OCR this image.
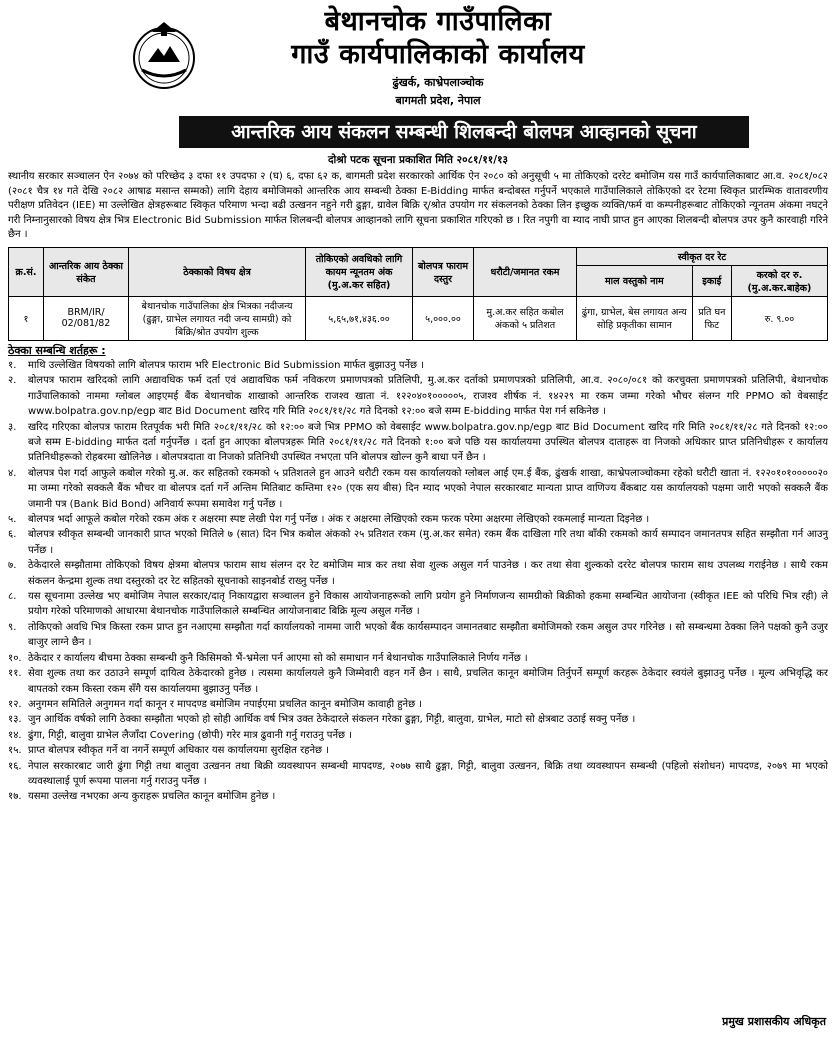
बेथानचोक गाउँपालिका
गाउँ कार्यपालिकाको कार्यालय
ढुंखर्क, काभ्रेपलाञ्चोक
बागमती प्रदेश, नेपाल
आन्तरिक आय संकलन सम्बन्धी शिलबन्दी बोलपत्र आव्हानको सूचना
दोश्रो पटक सूचना प्रकाशित मिति २०८१/११/१३
स्थानीय सरकार सञ्चालन ऐन २०७४ को परिच्छेद ३ दफा ११ उपदफा २ (घ) ६, दफा ६२ क, बागमती प्रदेश सरकारको आर्थिक ऐन २०८० को अनुसूची ५ मा तोकिएको दररेट बमोजिम यस गाउँ कार्यपालिकाबाट आ.व. २०८१/०८२ (२०८१ चैत्र १४ गते देखि २०८२ आषाढ मसान्त सम्मको) लागि देहाय बमोजिमको आन्तरिक आय सम्बन्धी ठेक्का E-Bidding मार्फत बन्दोबस्त गर्नुपर्ने भएकाले गाउँपालिकाले तोकिएको दर रेटमा स्विकृत प्रारम्भिक वातावरणीय परीक्षण प्रतिवेदन (IEE) मा उल्लेखित क्षेत्रहरूबाट स्विकृत परिमाण भन्दा बढी उत्खनन नहुने गरी ढुङ्गा, ग्रावेल बिक्रि र्/श्रोत उपयोग गर संकलनको ठेक्का लिन इच्छुक व्यक्ति/फर्म वा कम्पनीहरूबाट तोकिएको न्यूनतम अंकमा नघट्ने गरी निम्नानुसारको विषय क्षेत्र भित्र Electronic Bid Submission मार्फत शिलबन्दी बोलपत्र आव्हानको लागि सूचना प्रकाशित गरिएको छ । रित नपुगी वा म्याद नाघी प्राप्त हुन आएका शिलबन्दी बोलपत्र उपर कुनै कारवाही गरिने छैन ।
क्र.सं.	आन्तरिक आय ठेक्का संकेत	ठेक्काको विषय क्षेत्र	तोकिएको अवधिको लागि कायम न्यूनतम अंक (मु.अ.कर सहित)	बोलपत्र फाराम दस्तुर	धरौटी/जमानत रकम	स्वीकृत दर रेट		
						माल वस्तुको नाम	इकाई	करको दर रु. (मु.अ.कर.बाहेक)
१	BRM/IR/ 02/081/82	बेथानचोक गाउँपालिका क्षेत्र भित्रका नदीजन्य (ढुङ्गा, ग्राभेल लगायत नदी जन्य सामग्री) को बिक्रि/श्रोत उपयोग शुल्क	५,६५,७१,४३६.००	५,०००.००	मु.अ.कर सहित कबोल अंकको ५ प्रतिशत	ढुंगा, ग्राभेल, बेस लगायत अन्य सोहि प्रकृतीका सामान	प्रति घन फिट	रु. ९.००
ठेक्का सम्बन्धि शर्तहरू :
१.	माथि उल्लेखित विषयको लागि बोलपत्र फाराम भरि Electronic Bid Submission मार्फत बुझाउनु पर्नेछ ।
२.	बोलपत्र फाराम खरिदको लागि अद्यावधिक फर्म दर्ता एवं अद्यावधिक फर्म नविकरण प्रमाणपत्रको प्रतिलिपी, मु.अ.कर दर्ताको प्रमाणपत्रको प्रतिलिपी, आ.व. २०८०/०८१ को करचुक्ता प्रमाणपत्रको प्रतिलिपी, बेथानचोक गाउँपालिकाको नाममा ग्लोबल आइएमई बैंक बेथानचोक शाखाको आन्तरिक राजश्व खाता नं. १२२०४०१०००००५, राजश्व शीर्षक नं. १४२२९ मा रकम जम्मा गरेको भौचर संलग्न गरि PPMO को वेबसाईट www.bolpatra.gov.np/egp बाट Bid Document खरिद गरि मिति २०८१/११/२८ गते दिनको १२:०० बजे सम्म E-bidding मार्फत पेश गर्न सकिनेछ ।
३.	खरिद गरिएका बोलपत्र फाराम रितपूर्वक भरी मिति २०८१/११/२८ को १२:०० बजे भित्र PPMO को वेबसाईट www.bolpatra.gov.np/egp बाट Bid Document खरिद गरि मिति २०८१/११/२८ गते दिनको १२:०० बजे सम्म E-bidding मार्फत दर्ता गर्नुपर्नेछ । दर्ता हुन आएका बोलपत्रहरू मिति २०८१/११/२८ गते दिनको १:०० बजे पछि यस कार्यालयमा उपस्थित बोलपत्र दाताहरू वा निजको अधिकार प्राप्त प्रतिनिधीहरू र कार्यालय प्रतिनिधीहरूको रोहबरमा खोलिनेछ । बोलपत्रदाता वा निजको प्रतिनिधी उपस्थित नभएता पनि बोलपत्र खोल्न कुनै बाधा पर्ने छैन ।
४.	बोलपत्र पेश गर्दा आफुले कबोल गरेको मु.अ. कर सहितको रकमको ५ प्रतिशतले हुन आउने धरौटी रकम यस कार्यालयको ग्लोबल आई एम.ई बैंक, ढुंखर्क शाखा, काभ्रेपलाञ्चोकमा रहेको धरौटी खाता नं. १२२०१०१०००००२० मा जम्मा गरेको सक्कलै बैंक भौचर वा बोलपत्र दर्ता गर्ने अन्तिम मितिबाट कम्तिमा १२० (एक सय बीस) दिन म्याद भएको नेपाल सरकारबाट मान्यता प्राप्त वाणिज्य बैंकबाट यस कार्यालयको पक्षमा जारी भएको सक्कलै बैंक जमानी पत्र (Bank Bid Bond) अनिवार्य रूपमा समावेश गर्नु पर्नेछ ।
५.	बोलपत्र भर्दा आफूले कबोल गरेको रकम अंक र अक्षरमा स्पष्ट लेखी पेश गर्नु पर्नेछ । अंक र अक्षरमा लेखिएको रकम फरक परेमा अक्षरमा लेखिएको रकमलाई मान्यता दिइनेछ ।
६.	बोलपत्र स्वीकृत सम्बन्धी जानकारी प्राप्त भएको मितिले ७ (सात) दिन भित्र कबोल अंकको २५ प्रतिशत रकम (मु.अ.कर समेत) रकम बैंक दाखिला गरि तथा बाँकी रकमको कार्य सम्पादन जमानतपत्र सहित सम्झौता गर्न आउनु पर्नेछ ।
७.	ठेकेदारले सम्झौतामा तोकिएको विषय क्षेत्रमा बोलपत्र फाराम साथ संलग्न दर रेट बमोजिम मात्र कर तथा सेवा शुल्क असुल गर्न पाउनेछ । कर तथा सेवा शुल्कको दररेट बोलपत्र फाराम साथ उपलब्ध गराईनेछ । साथै रकम संकलन केन्द्रमा शुल्क तथा दस्तुरको दर रेट सहितको सूचनाको साइनबोर्ड राख्नु पर्नेछ ।
८.	यस सूचनामा उल्लेख भए बमोजिम नेपाल सरकार/दातृ निकायद्वारा सञ्चालन हुने विकास आयोजनाहरूको लागि प्रयोग हुने निर्माणजन्य सामग्रीको बिक्रीको हकमा सम्बन्धित आयोजना (स्वीकृत IEE को परिधि भित्र रही) ले प्रयोग गरेको परिमाणको आधारमा बेथानचोक गाउँपालिकाले सम्बन्धित आयोजनाबाट बिक्रि मूल्य असुल गर्नेछ ।
९.	तोकिएको अवधि भित्र किस्ता रकम प्राप्त हुन नआएमा सम्झौता गर्दा कार्यालयको नाममा जारी भएको बैंक कार्यसम्पादन जमानतबाट सम्झौता बमोजिमको रकम असुल उपर गरिनेछ । सो सम्बन्धमा ठेक्का लिने पक्षको कुनै उजुर बाजुर लाग्ने छैन ।
१०. ठेकेदार र कार्यालय बीचमा ठेक्का सम्बन्धी कुनै किसिमको भैं-भ्रमेला पर्न आएमा सो को समाधान गर्न बेथानचोक गाउँपालिकाले निर्णय गर्नेछ ।
११. सेवा शुल्क तथा कर उठाउने सम्पूर्ण दायित्व ठेकेदारको हुनेछ । त्यसमा कार्यालयले कुनै जिम्मेवारी वहन गर्ने छैन । साथै, प्रचलित कानून बमोजिम तिर्नुपर्ने सम्पूर्ण करहरू ठेकेदार स्वयंले बुझाउनु पर्नेछ । मूल्य अभिवृद्धि कर बापतको रकम किस्ता रकम सँगै यस कार्यालयमा बुझाउनु पर्नेछ ।
१२. अनुगमन समितिले अनुगमन गर्दा कानून र मापदण्ड बमोजिम नपाईएमा प्रचलित कानून बमोजिम कावाही हुनेछ ।
१३. जुन आर्थिक वर्षको लागि ठेक्का सम्झौता भएको हो सोही आर्थिक वर्ष भित्र उक्त ठेकेदारले संकलन गरेका ढुङ्गा, गिट्टी, बालुवा, ग्राभेल, माटो सो क्षेत्रबाट उठाई सक्नु पर्नेछ ।
१४. ढुंगा, गिट्टी, बालुवा ग्राभेल लैजाँदा Covering (छोपी) गरेर मात्र ढुवानी गर्नु गराउनु पर्नेछ ।
१५. प्राप्त बोलपत्र स्वीकृत गर्ने वा नगर्ने सम्पूर्ण अधिकार यस कार्यालयमा सुरक्षित रहनेछ ।
१६. नेपाल सरकारबाट जारी ढुंगा गिट्टी तथा बालुवा उत्खनन तथा बिक्री व्यवस्थापन सम्बन्धी मापदण्ड, २०७७ साथै ढुङ्गा, गिट्टी, बालुवा उत्खनन, बिक्रि तथा व्यवस्थापन सम्बन्धी (पहिलो संशोधन) मापदण्ड, २०७९ मा भएको व्यवस्थालाई पूर्ण रूपमा पालना गर्नु गराउनु पर्नेछ ।
१७. यसमा उल्लेख नभएका अन्य कुराहरू प्रचलित कानून बमोजिम हुनेछ ।
प्रमुख प्रशासकीय अधिकृत
